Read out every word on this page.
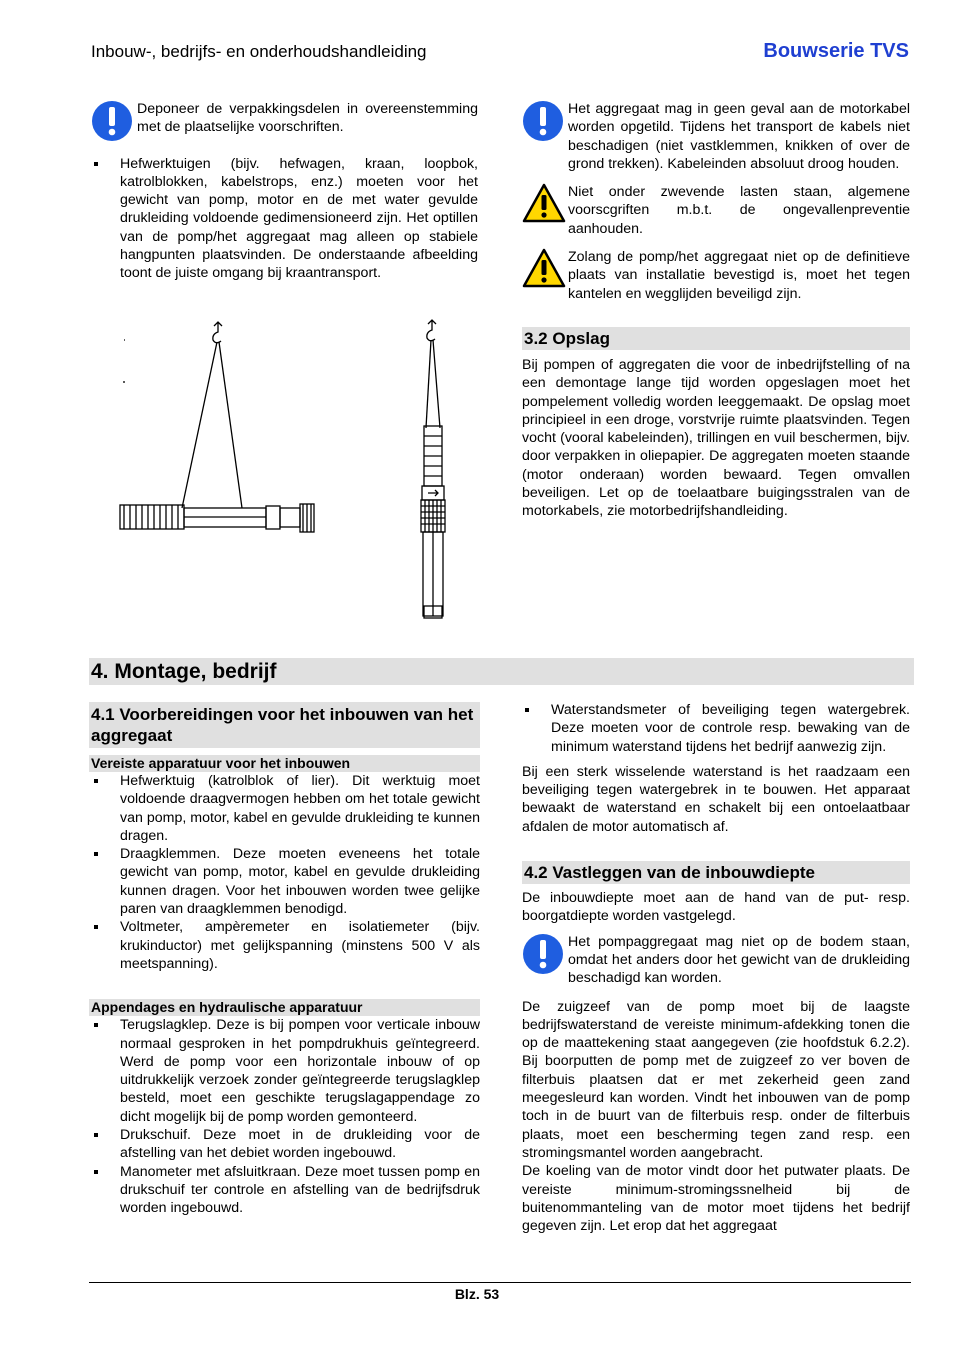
Inbouw-, bedrijfs- en onderhoudshandleiding	Bouwserie TVS

Deponeer de verpakkingsdelen in overeenstemming met de plaatselijke voorschriften.

Hefwerktuigen (bijv. hefwagen, kraan, loopbok, katrolblokken, kabelstrops, enz.) moeten voor het gewicht van pomp, motor en de met water gevulde drukleiding voldoende gedimensioneerd zijn. Het optillen van de pomp/het aggregaat mag alleen op stabiele hangpunten plaatsvinden. De onderstaande afbeelding toont de juiste omgang bij kraantransport.

Het aggregaat mag in geen geval aan de motorkabel worden opgetild. Tijdens het transport de kabels niet beschadigen (niet vastklemmen, knikken of over de grond trekken). Kabeleinden absoluut droog houden.

Niet onder zwevende lasten staan, algemene voorscgriften m.b.t. de ongevallenpreventie aanhouden.

Zolang de pomp/het aggregaat niet op de definitieve plaats van installatie bevestigd is, moet het tegen kantelen en wegglijden beveiligd zijn.

3.2 Opslag

Bij pompen of aggregaten die voor de inbedrijfstelling of na een demontage lange tijd worden opgeslagen moet het pompelement volledig worden leeggemaakt. De opslag moet principieel in een droge, vorstvrije ruimte plaatsvinden. Tegen vocht (vooral kabeleinden), trillingen en vuil beschermen, bijv. door verpakken in oliepapier. De aggregaten moeten staande (motor onderaan) worden bewaard. Tegen omvallen beveiligen. Let op de toelaatbare buigingsstralen van de motorkabels, zie motorbedrijfshandleiding.

4. Montage, bedrijf
4.1 Voorbereidingen voor het inbouwen van het aggregaat
Vereiste apparatuur voor het inbouwen
Hefwerktuig (katrolblok of lier). Dit werktuig moet voldoende draagvermogen hebben om het totale gewicht van pomp, motor, kabel en gevulde drukleiding te kunnen dragen.
Draagklemmen. Deze moeten eveneens het totale gewicht van pomp, motor, kabel en gevulde drukleiding kunnen dragen. Voor het inbouwen worden twee gelijke paren van draagklemmen benodigd.
Voltmeter, ampèremeter en isolatiemeter (bijv. krukinductor) met gelijkspanning (minstens 500 V als meetspanning).
Appendages en hydraulische apparatuur
Terugslagklep. Deze is bij pompen voor verticale inbouw normaal gesproken in het pompdrukhuis geïntegreerd. Werd de pomp voor een horizontale inbouw of op uitdrukkelijk verzoek zonder geïntegreerde terugslagklep besteld, moet een geschikte terugslagappendage zo dicht mogelijk bij de pomp worden gemonteerd.
Drukschuif. Deze moet in de drukleiding voor de afstelling van het debiet worden ingebouwd.
Manometer met afsluitkraan. Deze moet tussen pomp en drukschuif ter controle en afstelling van de bedrijfsdruk worden ingebouwd.
Waterstandsmeter of beveiliging tegen watergebrek. Deze moeten voor de controle resp. bewaking van de minimum waterstand tijdens het bedrijf aanwezig zijn.

Bij een sterk wisselende waterstand is het raadzaam een beveiliging tegen watergebrek in te bouwen. Het apparaat bewaakt de waterstand en schakelt bij een ontoelaatbaar afdalen de motor automatisch af.

4.2 Vastleggen van de inbouwdiepte

De inbouwdiepte moet aan de hand van de put- resp. boorgatdiepte worden vastgelegd.

Het pompaggregaat mag niet op de bodem staan, omdat het anders door het gewicht van de drukleiding beschadigd kan worden.

De zuigzeef van de pomp moet bij de laagste bedrijfswaterstand de vereiste minimum-afdekking tonen die op de maattekening staat aangegeven (zie hoofdstuk 6.2.2). Bij boorputten de pomp met de zuigzeef zo ver boven de filterbuis plaatsen dat er met zekerheid geen zand meegesleurd kan worden. Vindt het inbouwen van de pomp toch in de buurt van de filterbuis resp. onder de filterbuis plaats, moet een bescherming tegen zand resp. een stromingsmantel worden aangebracht.

De koeling van de motor vindt door het putwater plaats. De vereiste minimum-stromingssnelheid bij de buitenommanteling van de motor moet tijdens het bedrijf gegeven zijn. Let erop dat het aggregaat

Blz. 53
